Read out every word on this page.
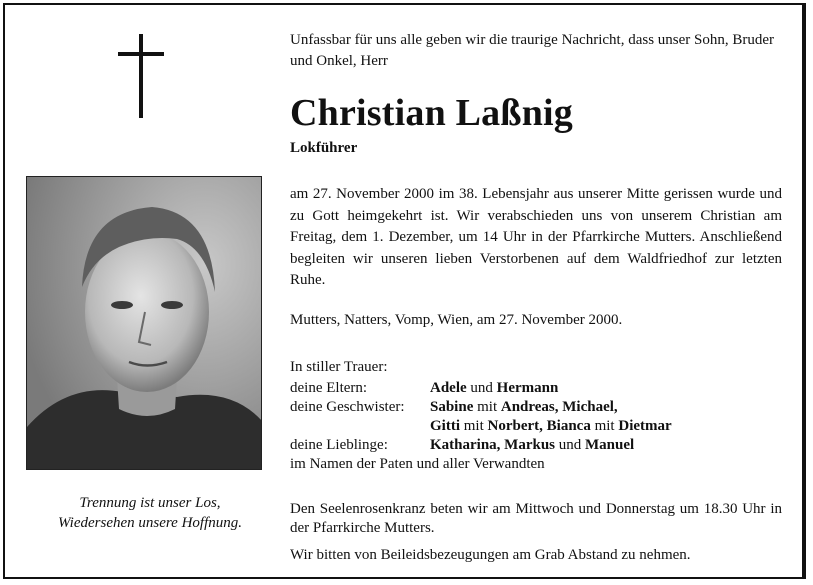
Trennung ist unser Los,
Wiedersehen unsere Hoffnung.
Unfassbar für uns alle geben wir die traurige Nachricht, dass unser Sohn, Bruder und Onkel, Herr
Christian Laßnig
Lokführer
am 27. November 2000 im 38. Lebensjahr aus unserer Mitte gerissen wurde und zu Gott heimgekehrt ist. Wir verabschieden uns von unserem Christian am Freitag, dem 1. Dezember, um 14 Uhr in der Pfarrkirche Mutters. Anschließend begleiten wir unseren lieben Verstorbenen auf dem Waldfriedhof zur letzten Ruhe.
Mutters, Natters, Vomp, Wien, am 27. November 2000.
In stiller Trauer:
deine Eltern:	Adele und Hermann
deine Geschwister: Sabine mit Andreas, Michael,
Gitti mit Norbert, Bianca mit Dietmar
deine Lieblinge:	Katharina, Markus und Manuel
im Namen der Paten und aller Verwandten
Den Seelenrosenkranz beten wir am Mittwoch und Donnerstag um 18.30 Uhr in der Pfarrkirche Mutters.
Wir bitten von Beileidsbezeugungen am Grab Abstand zu nehmen.
